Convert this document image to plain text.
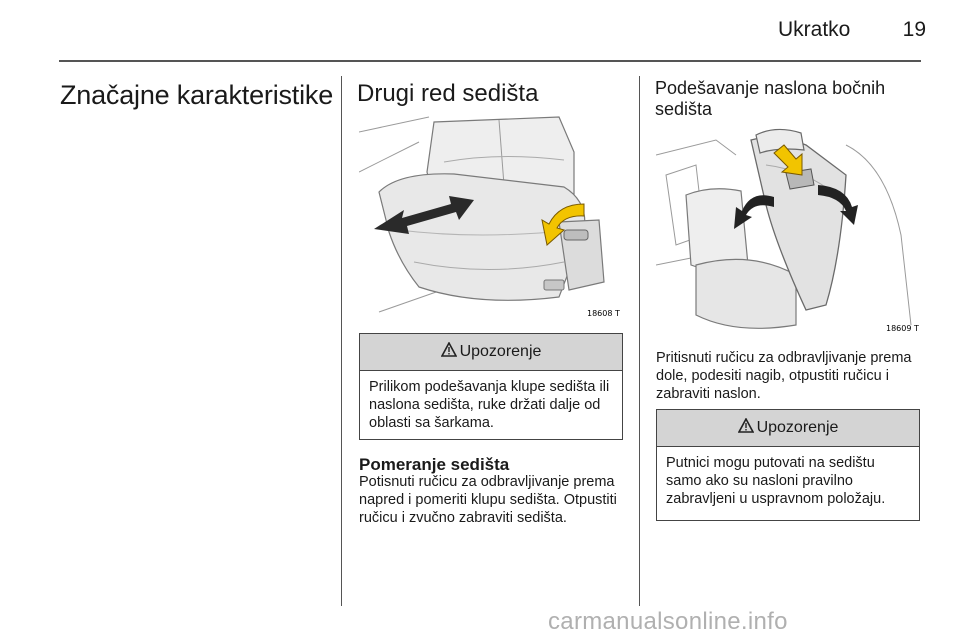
Ukratko	19
Značajne karakteristike Drugi red sedišta
18608 T
Upozorenje
Prilikom podešavanja klupe sedišta ili naslona sedišta, ruke držati dalje od oblasti sa šarkama.
Pomeranje sedišta
Potisnuti ručicu za odbravljivanje prema napred i pomeriti klupu sedišta. Otpustiti ručicu i zvučno zabraviti sedišta.
Podešavanje naslona bočnih sedišta
18609 T
Pritisnuti ručicu za odbravljivanje prema dole, podesiti nagib, otpustiti ručicu i zabraviti naslon.
Upozorenje
Putnici mogu putovati na sedištu samo ako su nasloni pravilno zabravljeni u uspravnom položaju.
carmanualsonline.info
